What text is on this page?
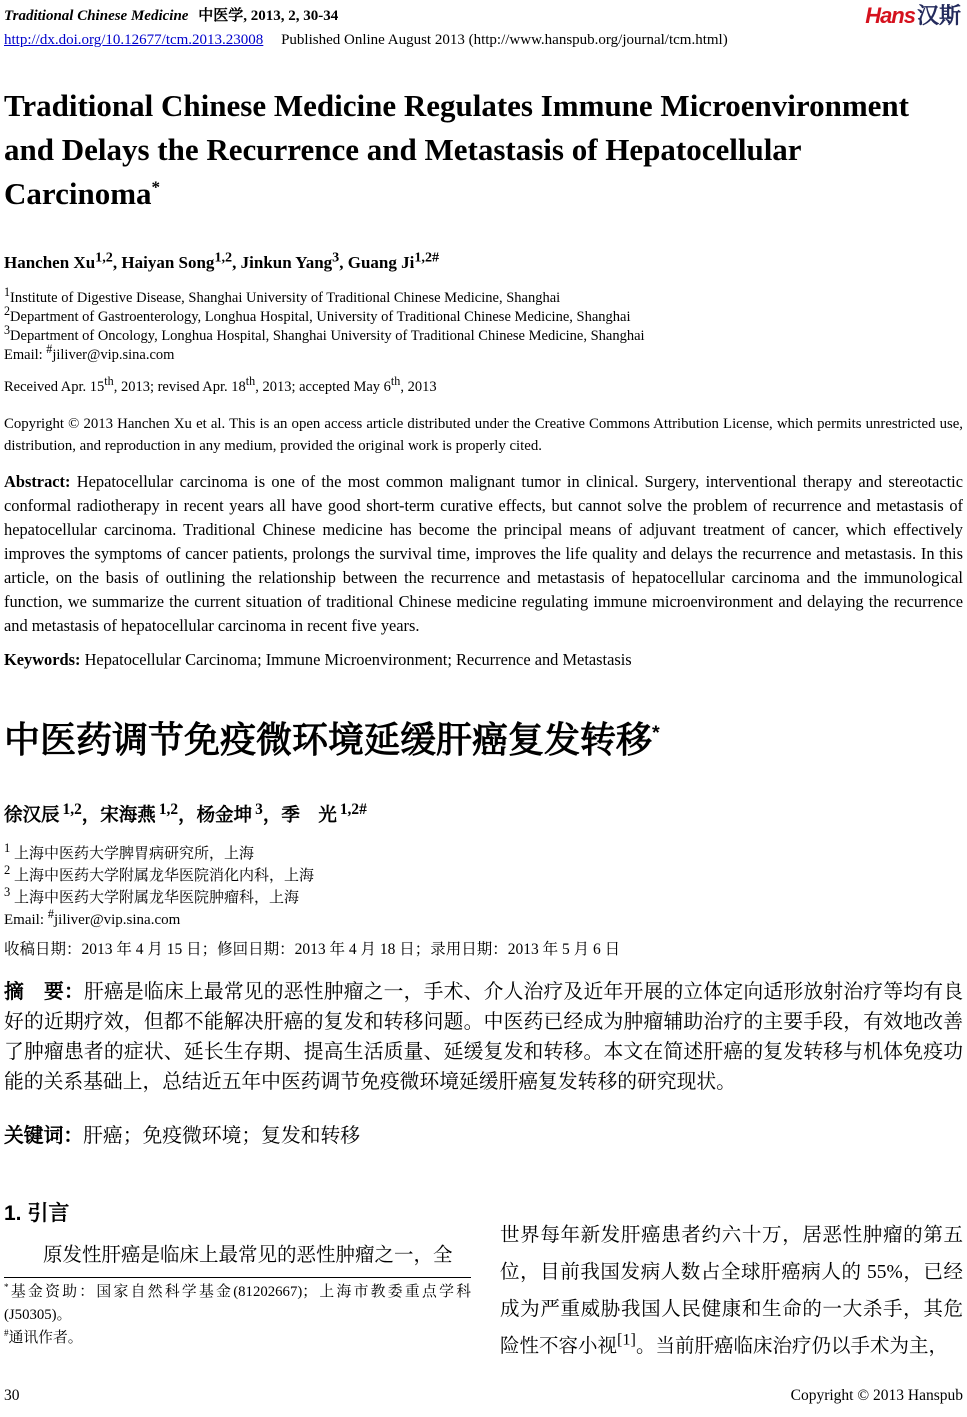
Traditional Chinese Medicine 中医学, 2013, 2, 30-34	Hans汉斯
http://dx.doi.org/10.12677/tcm.2013.23008 Published Online August 2013 (http://www.hanspub.org/journal/tcm.html)
Traditional Chinese Medicine Regulates Immune Microenvironment and Delays the Recurrence and Metastasis of Hepatocellular Carcinoma*
Hanchen Xu$^{1,2}$, Haiyan Song$^{1,2}$, Jinkun Yang$^3$, Guang $Ji^{1,2\#}$
$^1$Institute of Digestive Disease, Shanghai University of Traditional Chinese Medicine, Shanghai
$^2$Department of Gastroenterology, Longhua Hospital, University of Traditional Chinese Medicine, Shanghai
$^3$Department of Oncology, Longhua Hospital, Shanghai University of Traditional Chinese Medicine, Shanghai
Email: #jiliver@vip.sina.com
Received Apr. 15th, 2013; revised Apr. 18th, 2013; accepted May 6th, 2013
Copyright © 2013 Hanchen Xu et al. This is an open access article distributed under the Creative Commons Attribution License, which permits unrestricted use, distribution, and reproduction in any medium, provided the original work is properly cited.
Abstract: Hepatocellular carcinoma is one of the most common malignant tumor in clinical. Surgery, interventional therapy and stereotactic conformal radiotherapy in recent years all have good short-term curative effects, but cannot solve the problem of recurrence and metastasis of hepatocellular carcinoma. Traditional Chinese medicine has become the principal means of adjuvant treatment of cancer, which effectively improves the symptoms of cancer patients, prolongs the survival time, improves the life quality and delays the recurrence and metastasis. In this article, on the basis of outlining the relationship between the recurrence and metastasis of hepatocellular carcinoma and the immunological function, we summarize the current situation of traditional Chinese medicine regulating immune microenvironment and delaying the recurrence and metastasis of hepatocellular carcinoma in recent five years.
Keywords: Hepatocellular Carcinoma; Immune Microenvironment; Recurrence and Metastasis
中医药调节免疫微环境延缓肝癌复发转移*
徐汉辰 $^{1,2}$，宋海燕 $^{1,2}$，杨金坤 $^3$，季　光 $^{1,2\#}$
$^1$ 上海中医药大学脾胃病研究所，上海
$^2$ 上海中医药大学附属龙华医院消化内科，上海
$^3$ 上海中医药大学附属龙华医院肿瘤科，上海
Email: #jiliver@vip.sina.com
收稿日期：2013 年 4 月 15 日；修回日期：2013 年 4 月 18 日；录用日期：2013 年 5 月 6 日
摘　要：肝癌是临床上最常见的恶性肿瘤之一，手术、介人治疗及近年开展的立体定向适形放射治疗等均有良好的近期疗效，但都不能解决肝癌的复发和转移问题。中医药已经成为肿瘤辅助治疗的主要手段，有效地改善了肿瘤患者的症状、延长生存期、提高生活质量、延缓复发和转移。本文在简述肝癌的复发转移与机体免疫功能的关系基础上，总结近五年中医药调节免疫微环境延缓肝癌复发转移的研究现状。
关键词：肝癌；免疫微环境；复发和转移
1. 引言
原发性肝癌是临床上最常见的恶性肿瘤之一，全
*基金资助：国家自然科学基金(81202667)；上海市教委重点学科(J50305)。
#通讯作者。
世界每年新发肝癌患者约六十万，居恶性肿瘤的第五位，目前我国发病人数占全球肝癌病人的 55%，已经成为严重威胁我国人民健康和生命的一大杀手，其危险性不容小视[1]。当前肝癌临床治疗仍以手术为主，
30	Copyright © 2013 Hanspub
